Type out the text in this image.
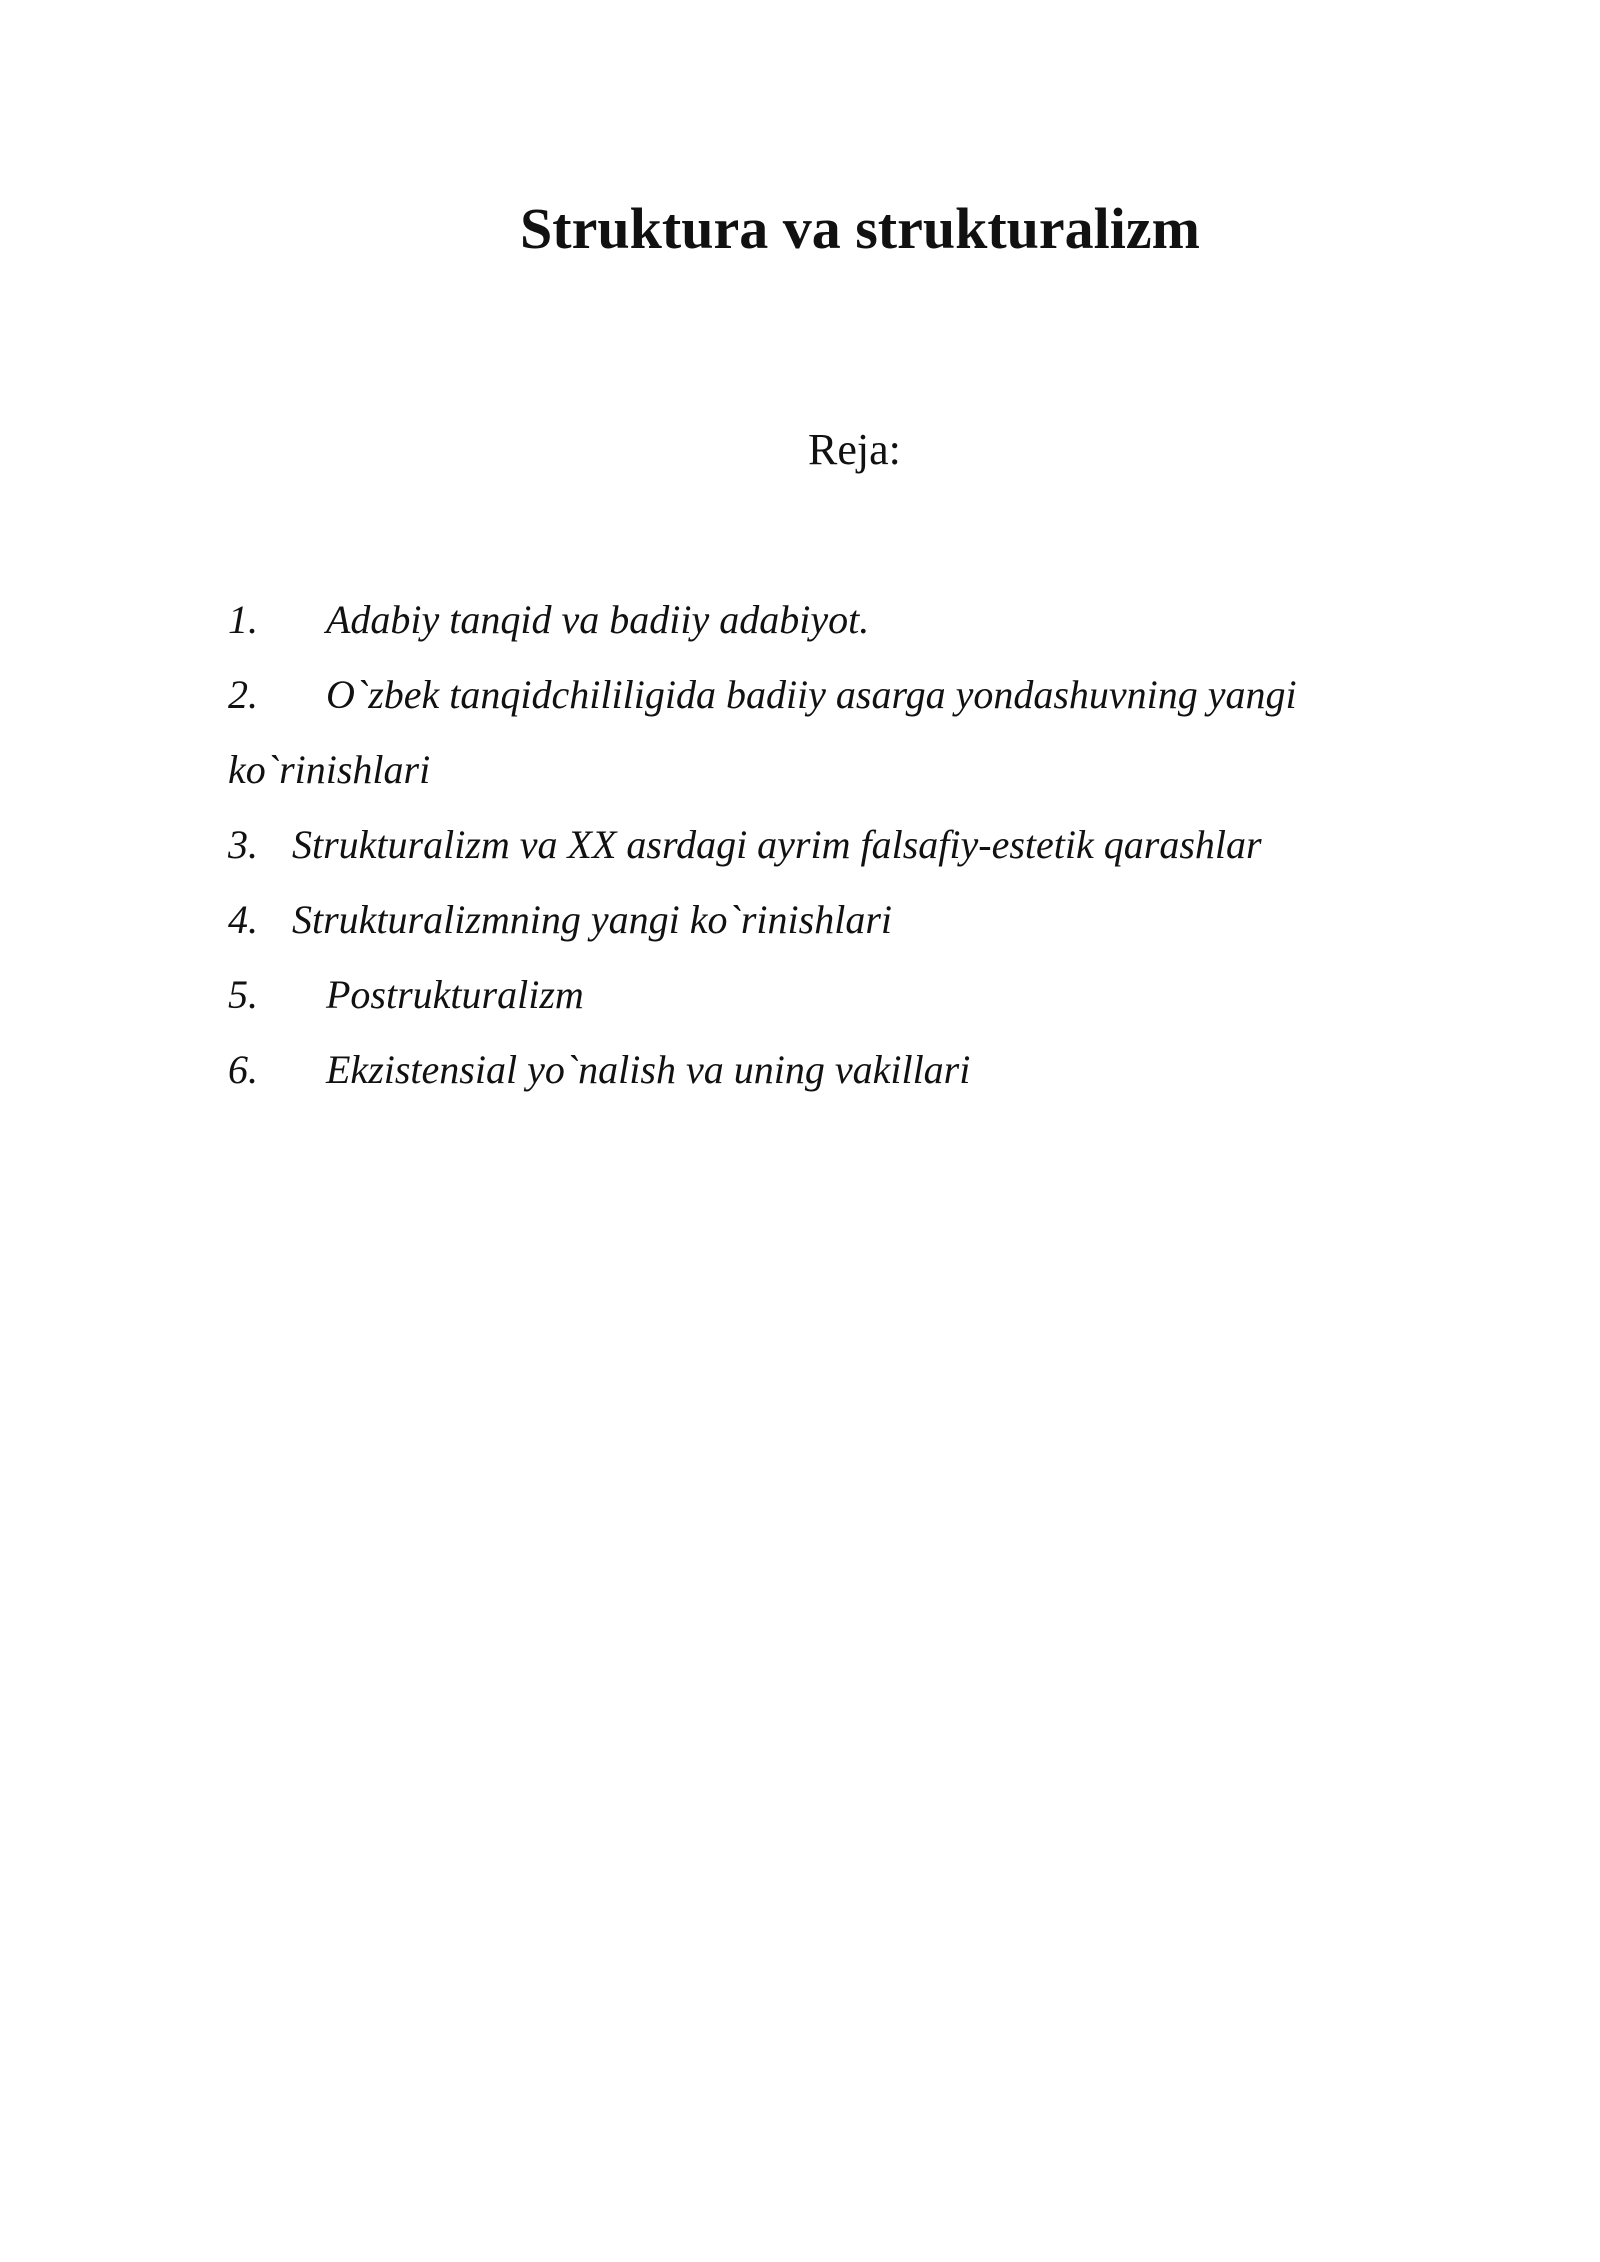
Struktura va strukturalizm
Reja:
1. Adabiy tanqid va badiiy adabiyot.
2. O`zbek tanqidchililigida badiiy asarga yondashuvning yangi
ko`rinishlari
3. Strukturalizm va XX asrdagi ayrim falsafiy-estetik qarashlar
4. Strukturalizmning yangi ko`rinishlari
5. Postrukturalizm
6. Ekzistensial yo`nalish va uning vakillari
